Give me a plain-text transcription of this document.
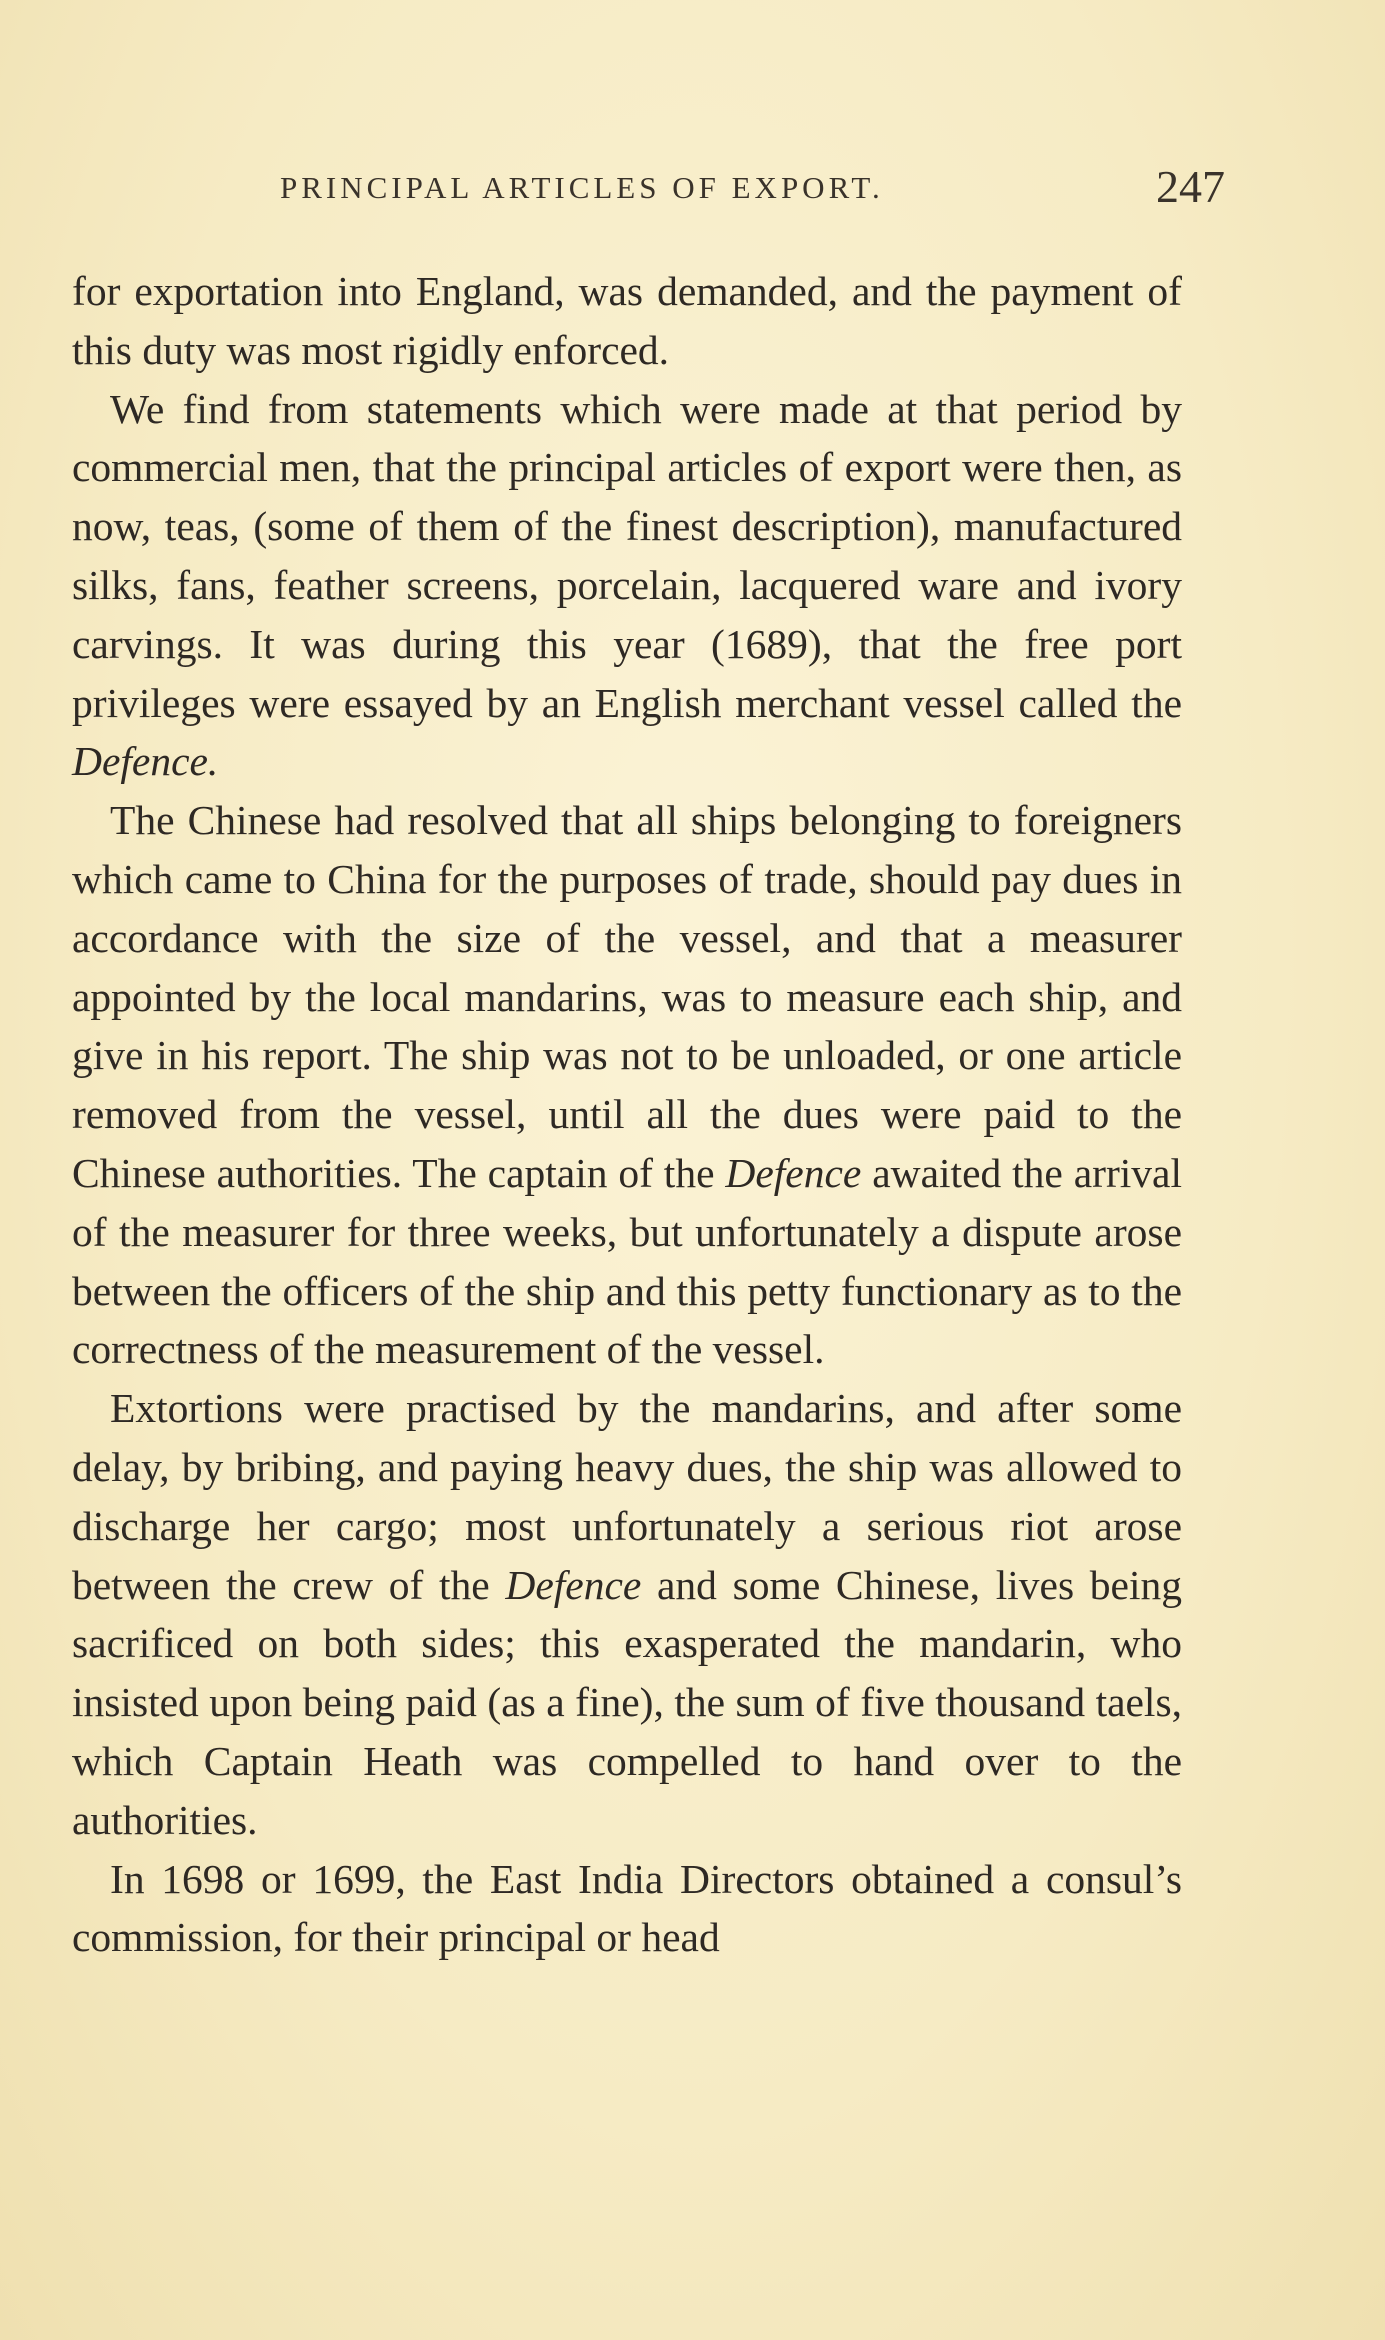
PRINCIPAL ARTICLES OF EXPORT.	247

for exportation into England, was demanded, and the payment of this duty was most rigidly enforced.

We find from statements which were made at that period by commercial men, that the principal articles of export were then, as now, teas, (some of them of the finest description), manufactured silks, fans, feather screens, porcelain, lacquered ware and ivory carvings. It was during this year (1689), that the free port privileges were essayed by an English merchant vessel called the Defence.

The Chinese had resolved that all ships belonging to foreigners which came to China for the purposes of trade, should pay dues in accordance with the size of the vessel, and that a measurer appointed by the local mandarins, was to measure each ship, and give in his report. The ship was not to be unloaded, or one article removed from the vessel, until all the dues were paid to the Chinese authorities. The captain of the Defence awaited the arrival of the measurer for three weeks, but unfortunately a dispute arose between the officers of the ship and this petty functionary as to the correctness of the measurement of the vessel.

Extortions were practised by the mandarins, and after some delay, by bribing, and paying heavy dues, the ship was allowed to discharge her cargo; most unfortunately a serious riot arose between the crew of the Defence and some Chinese, lives being sacrificed on both sides; this exasperated the mandarin, who insisted upon being paid (as a fine), the sum of five thousand taels, which Captain Heath was compelled to hand over to the authorities.

In 1698 or 1699, the East India Directors obtained a consul’s commission, for their principal or head
